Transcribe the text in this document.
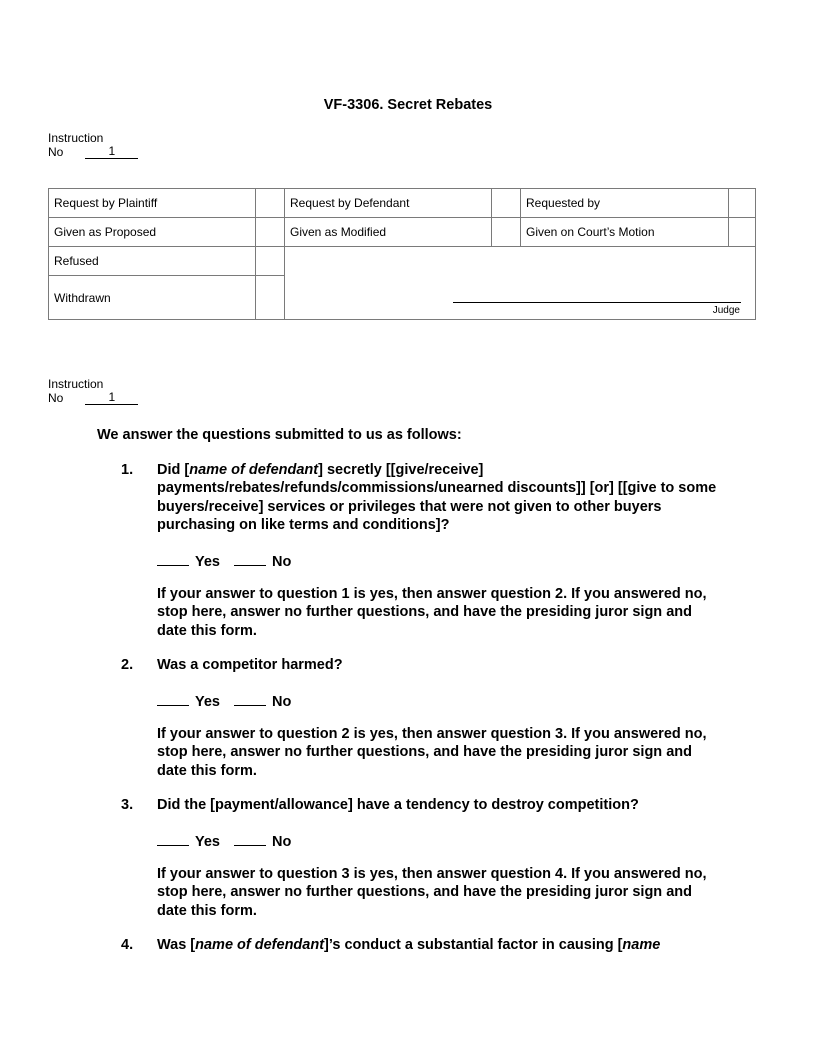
VF-3306. Secret Rebates
Instruction
No	1
Request by Plaintiff		Request by Defendant		Requested by	
Given as Proposed		Given as Modified		Given on Court’s Motion	
Refused		Judge			

Withdrawn					
Instruction
No	1
We answer the questions submitted to us as follows:
1. Did [name of defendant] secretly [[give/receive] payments/rebates/refunds/commissions/unearned discounts]] [or] [[give to some buyers/receive] services or privileges that were not given to other buyers purchasing on like terms and conditions]?
Yes	No
If your answer to question 1 is yes, then answer question 2. If you answered no, stop here, answer no further questions, and have the presiding juror sign and date this form.
2. Was a competitor harmed?
Yes	No
If your answer to question 2 is yes, then answer question 3. If you answered no, stop here, answer no further questions, and have the presiding juror sign and date this form.
3. Did the [payment/allowance] have a tendency to destroy competition?
Yes	No
If your answer to question 3 is yes, then answer question 4. If you answered no, stop here, answer no further questions, and have the presiding juror sign and date this form.
4. Was [name of defendant]’s conduct a substantial factor in causing [name
